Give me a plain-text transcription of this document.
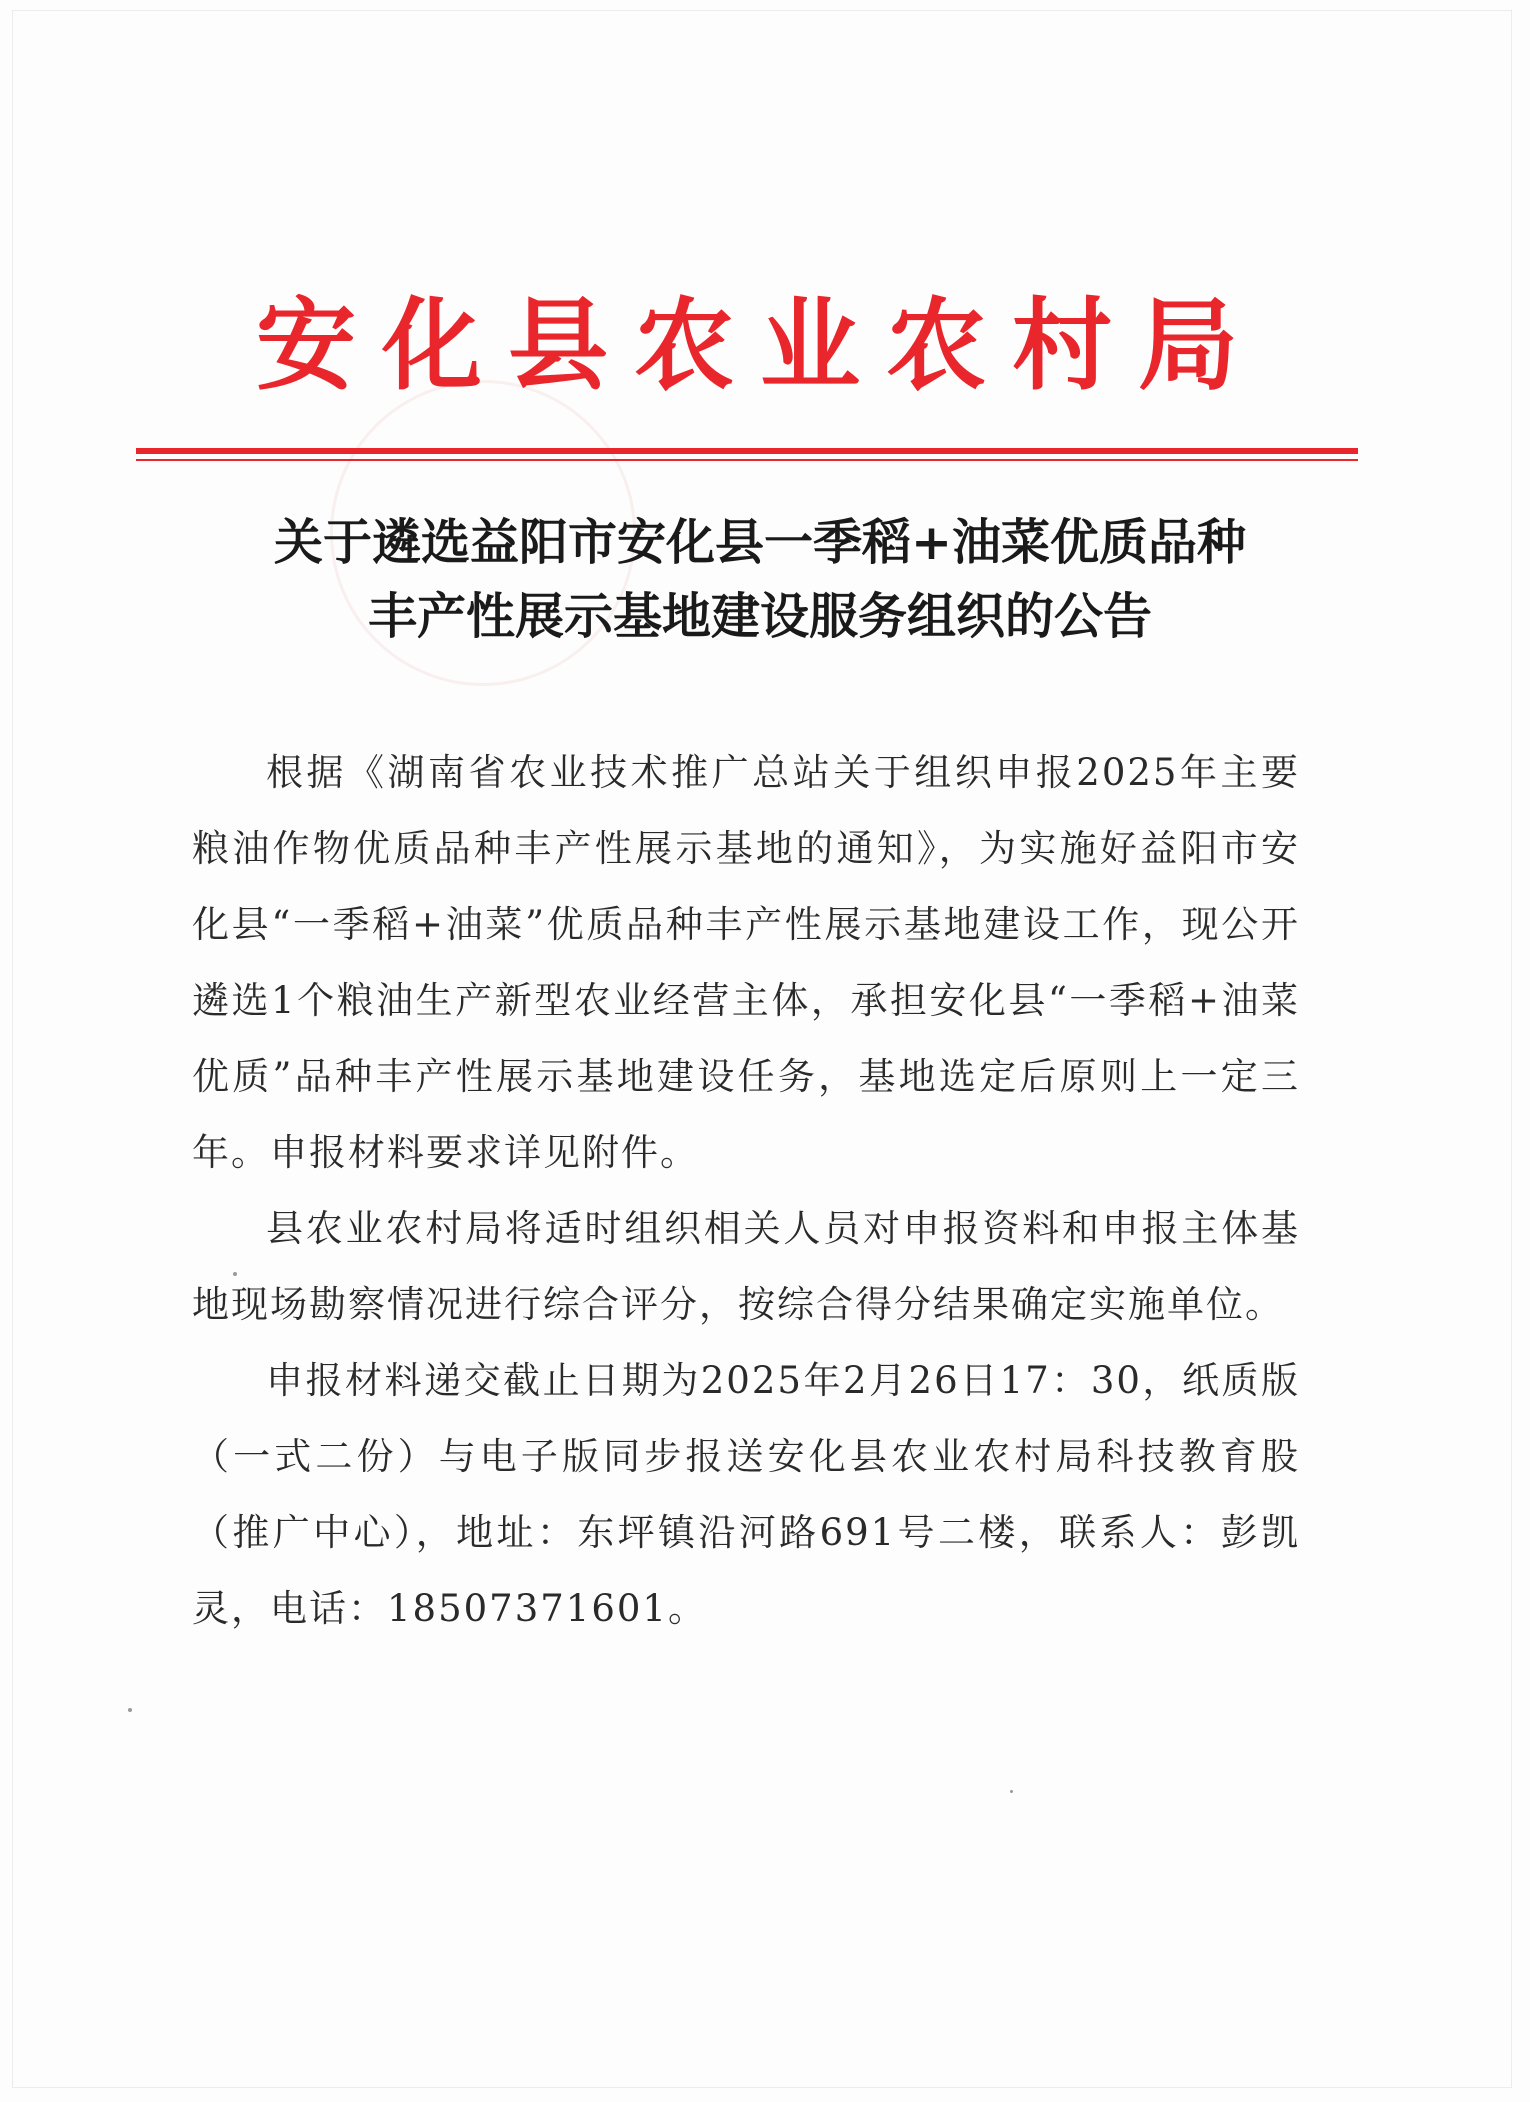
安化县农业农村局
关于遴选益阳市安化县一季稻+油菜优质品种
丰产性展示基地建设服务组织的公告

根据《湖南省农业技术推广总站关于组织申报2025年主要粮油作物优质品种丰产性展示基地的通知》，为实施好益阳市安化县“一季稻+油菜”优质品种丰产性展示基地建设工作，现公开遴选1个粮油生产新型农业经营主体，承担安化县“一季稻+油菜优质”品种丰产性展示基地建设任务，基地选定后原则上一定三年。申报材料要求详见附件。

县农业农村局将适时组织相关人员对申报资料和申报主体基地现场勘察情况进行综合评分，按综合得分结果确定实施单位。

申报材料递交截止日期为2025年2月26日17：30，纸质版（一式二份）与电子版同步报送安化县农业农村局科技教育股（推广中心），地址：东坪镇沿河路691号二楼，联系人：彭凯灵，电话：18507371601。
